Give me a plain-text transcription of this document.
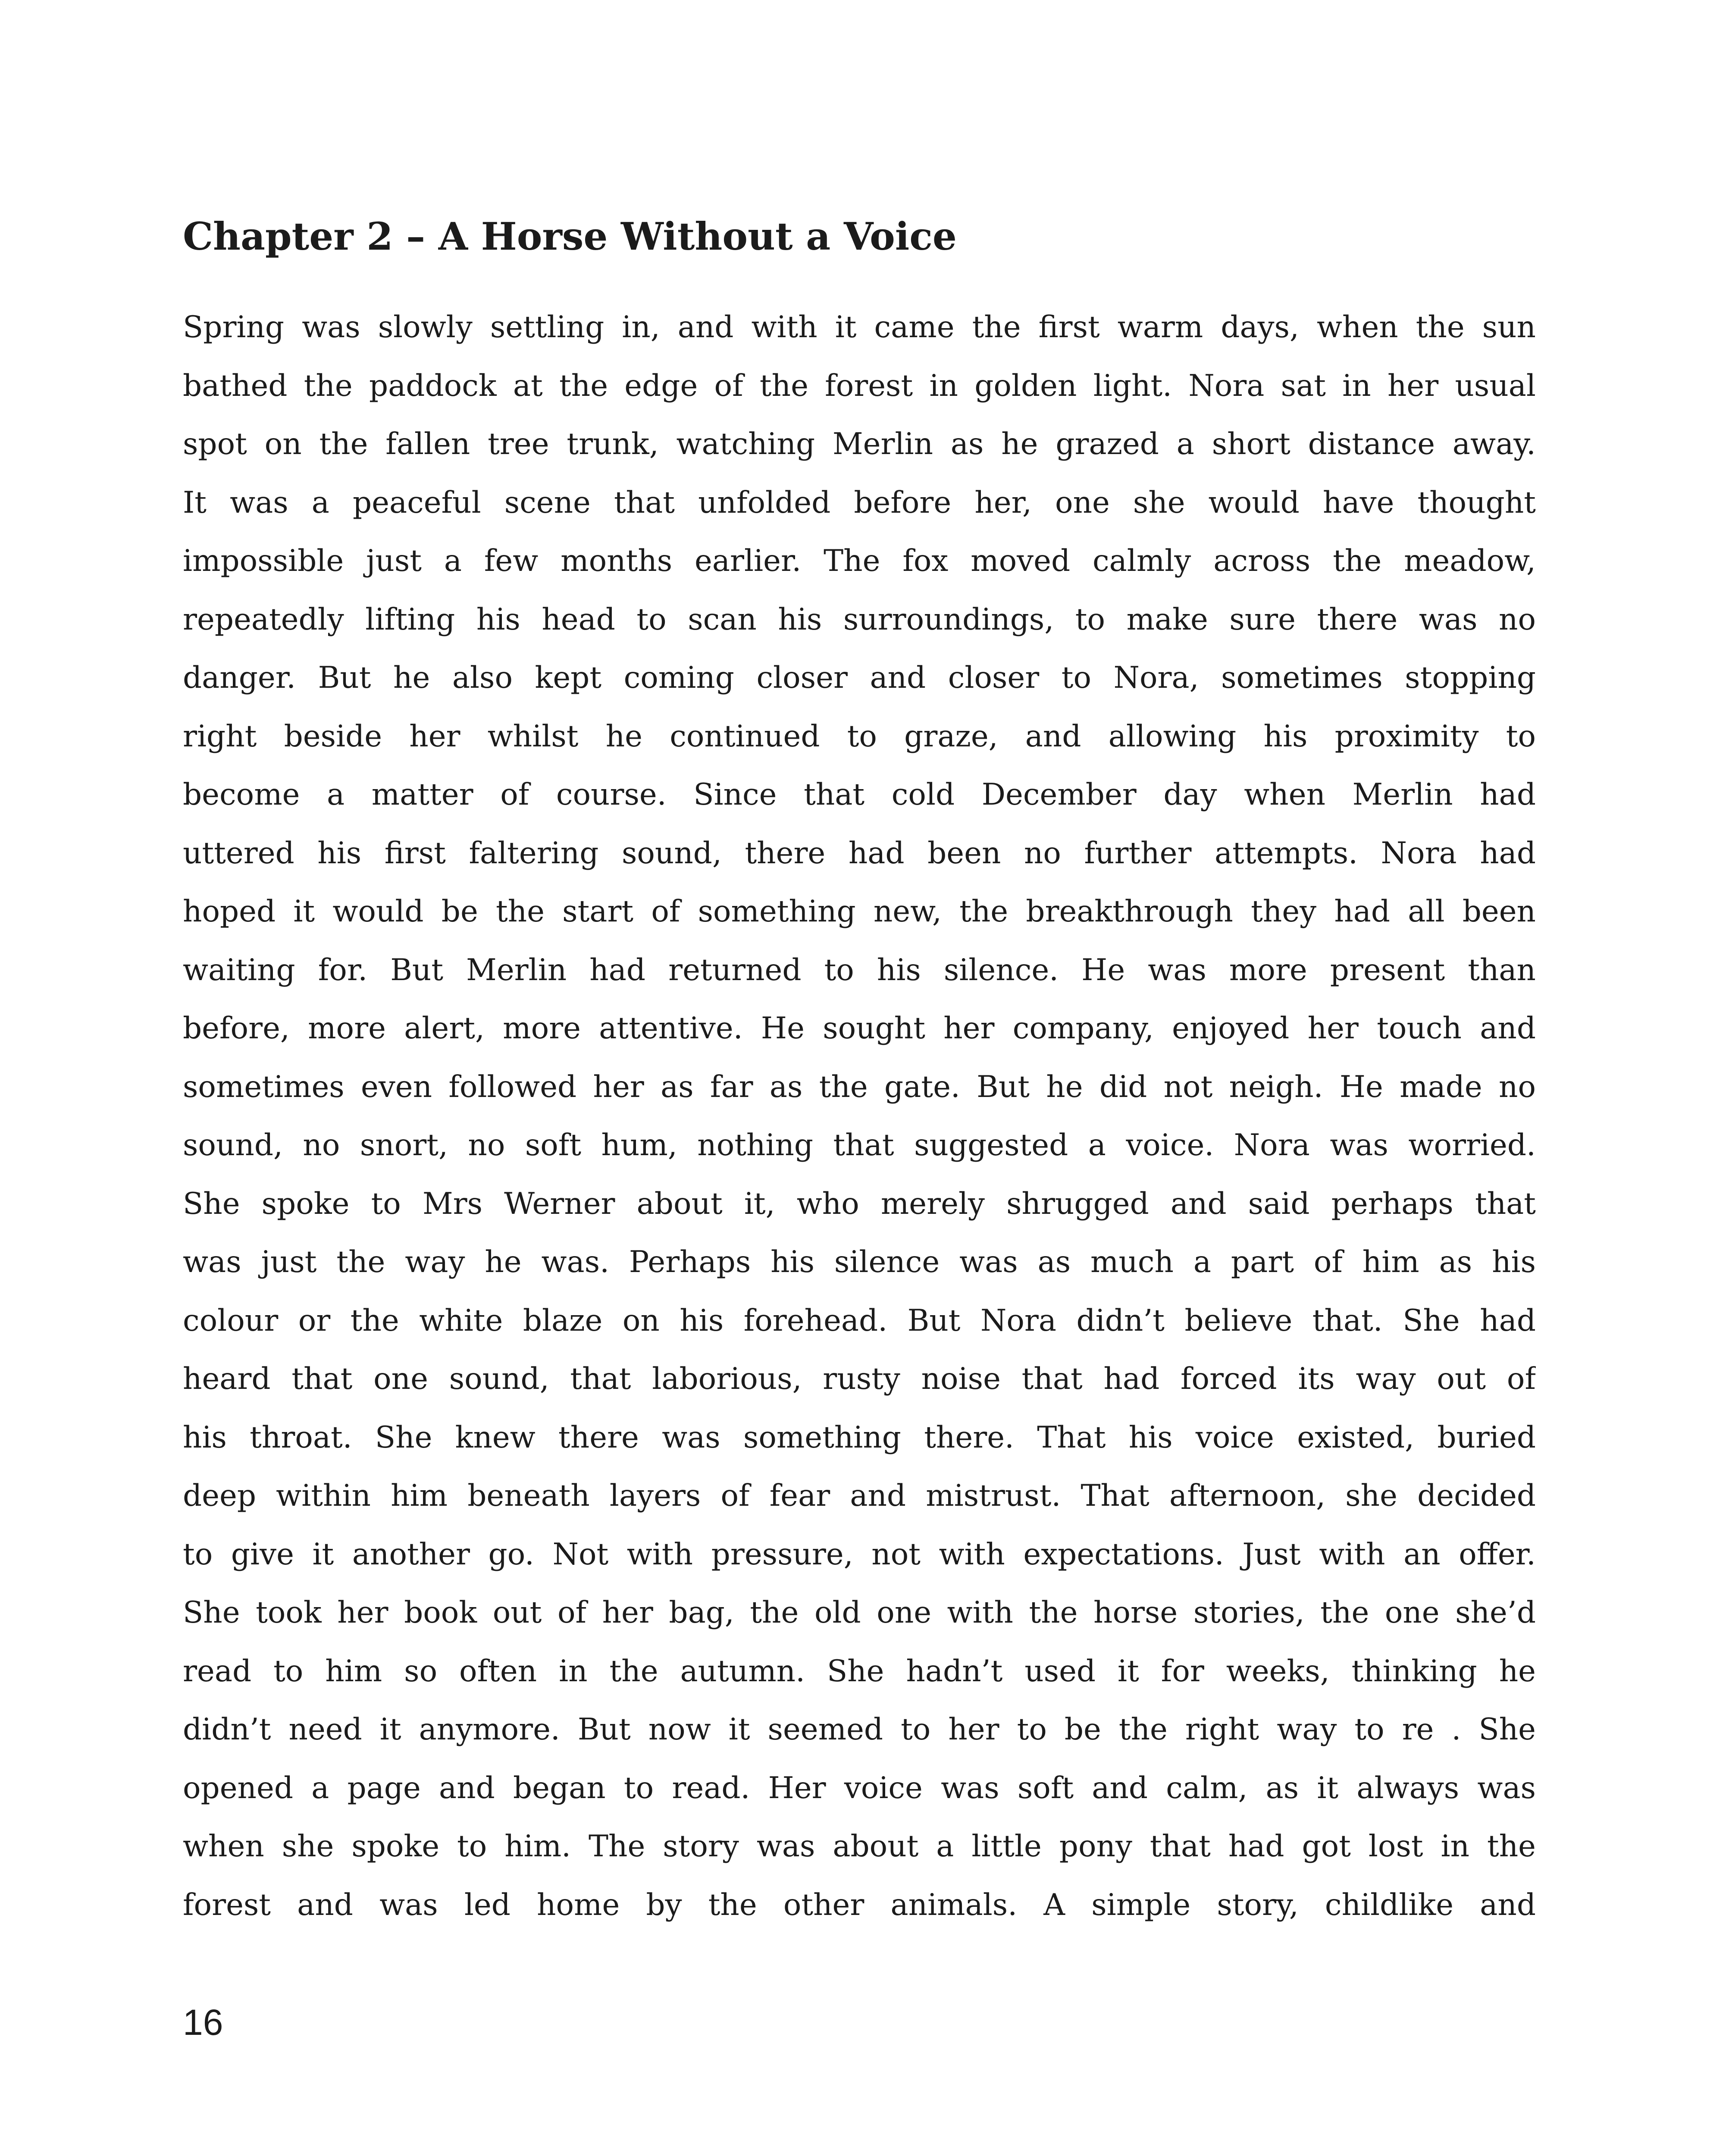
Chapter 2 – A Horse Without a Voice
Spring was slowly settling in, and with it came the first warm days, when the sun
bathed the paddock at the edge of the forest in golden light. Nora sat in her usual
spot on the fallen tree trunk, watching Merlin as he grazed a short distance away.
It was a peaceful scene that unfolded before her, one she would have thought
impossible just a few months earlier. The fox moved calmly across the meadow,
repeatedly lifting his head to scan his surroundings, to make sure there was no
danger. But he also kept coming closer and closer to Nora, sometimes stopping
right beside her whilst he continued to graze, and allowing his proximity to
become a matter of course. Since that cold December day when Merlin had
uttered his first faltering sound, there had been no further attempts. Nora had
hoped it would be the start of something new, the breakthrough they had all been
waiting for. But Merlin had returned to his silence. He was more present than
before, more alert, more attentive. He sought her company, enjoyed her touch and
sometimes even followed her as far as the gate. But he did not neigh. He made no
sound, no snort, no soft hum, nothing that suggested a voice. Nora was worried.
She spoke to Mrs Werner about it, who merely shrugged and said perhaps that
was just the way he was. Perhaps his silence was as much a part of him as his
colour or the white blaze on his forehead. But Nora didn’t believe that. She had
heard that one sound, that laborious, rusty noise that had forced its way out of
his throat. She knew there was something there. That his voice existed, buried
deep within him beneath layers of fear and mistrust. That afternoon, she decided
to give it another go. Not with pressure, not with expectations. Just with an offer.
She took her book out of her bag, the old one with the horse stories, the one she’d
read to him so often in the autumn. She hadn’t used it for weeks, thinking he
didn’t need it anymore. But now it seemed to her to be the right way to re . She
opened a page and began to read. Her voice was soft and calm, as it always was
when she spoke to him. The story was about a little pony that had got lost in the
forest and was led home by the other animals. A simple story, childlike and
16
